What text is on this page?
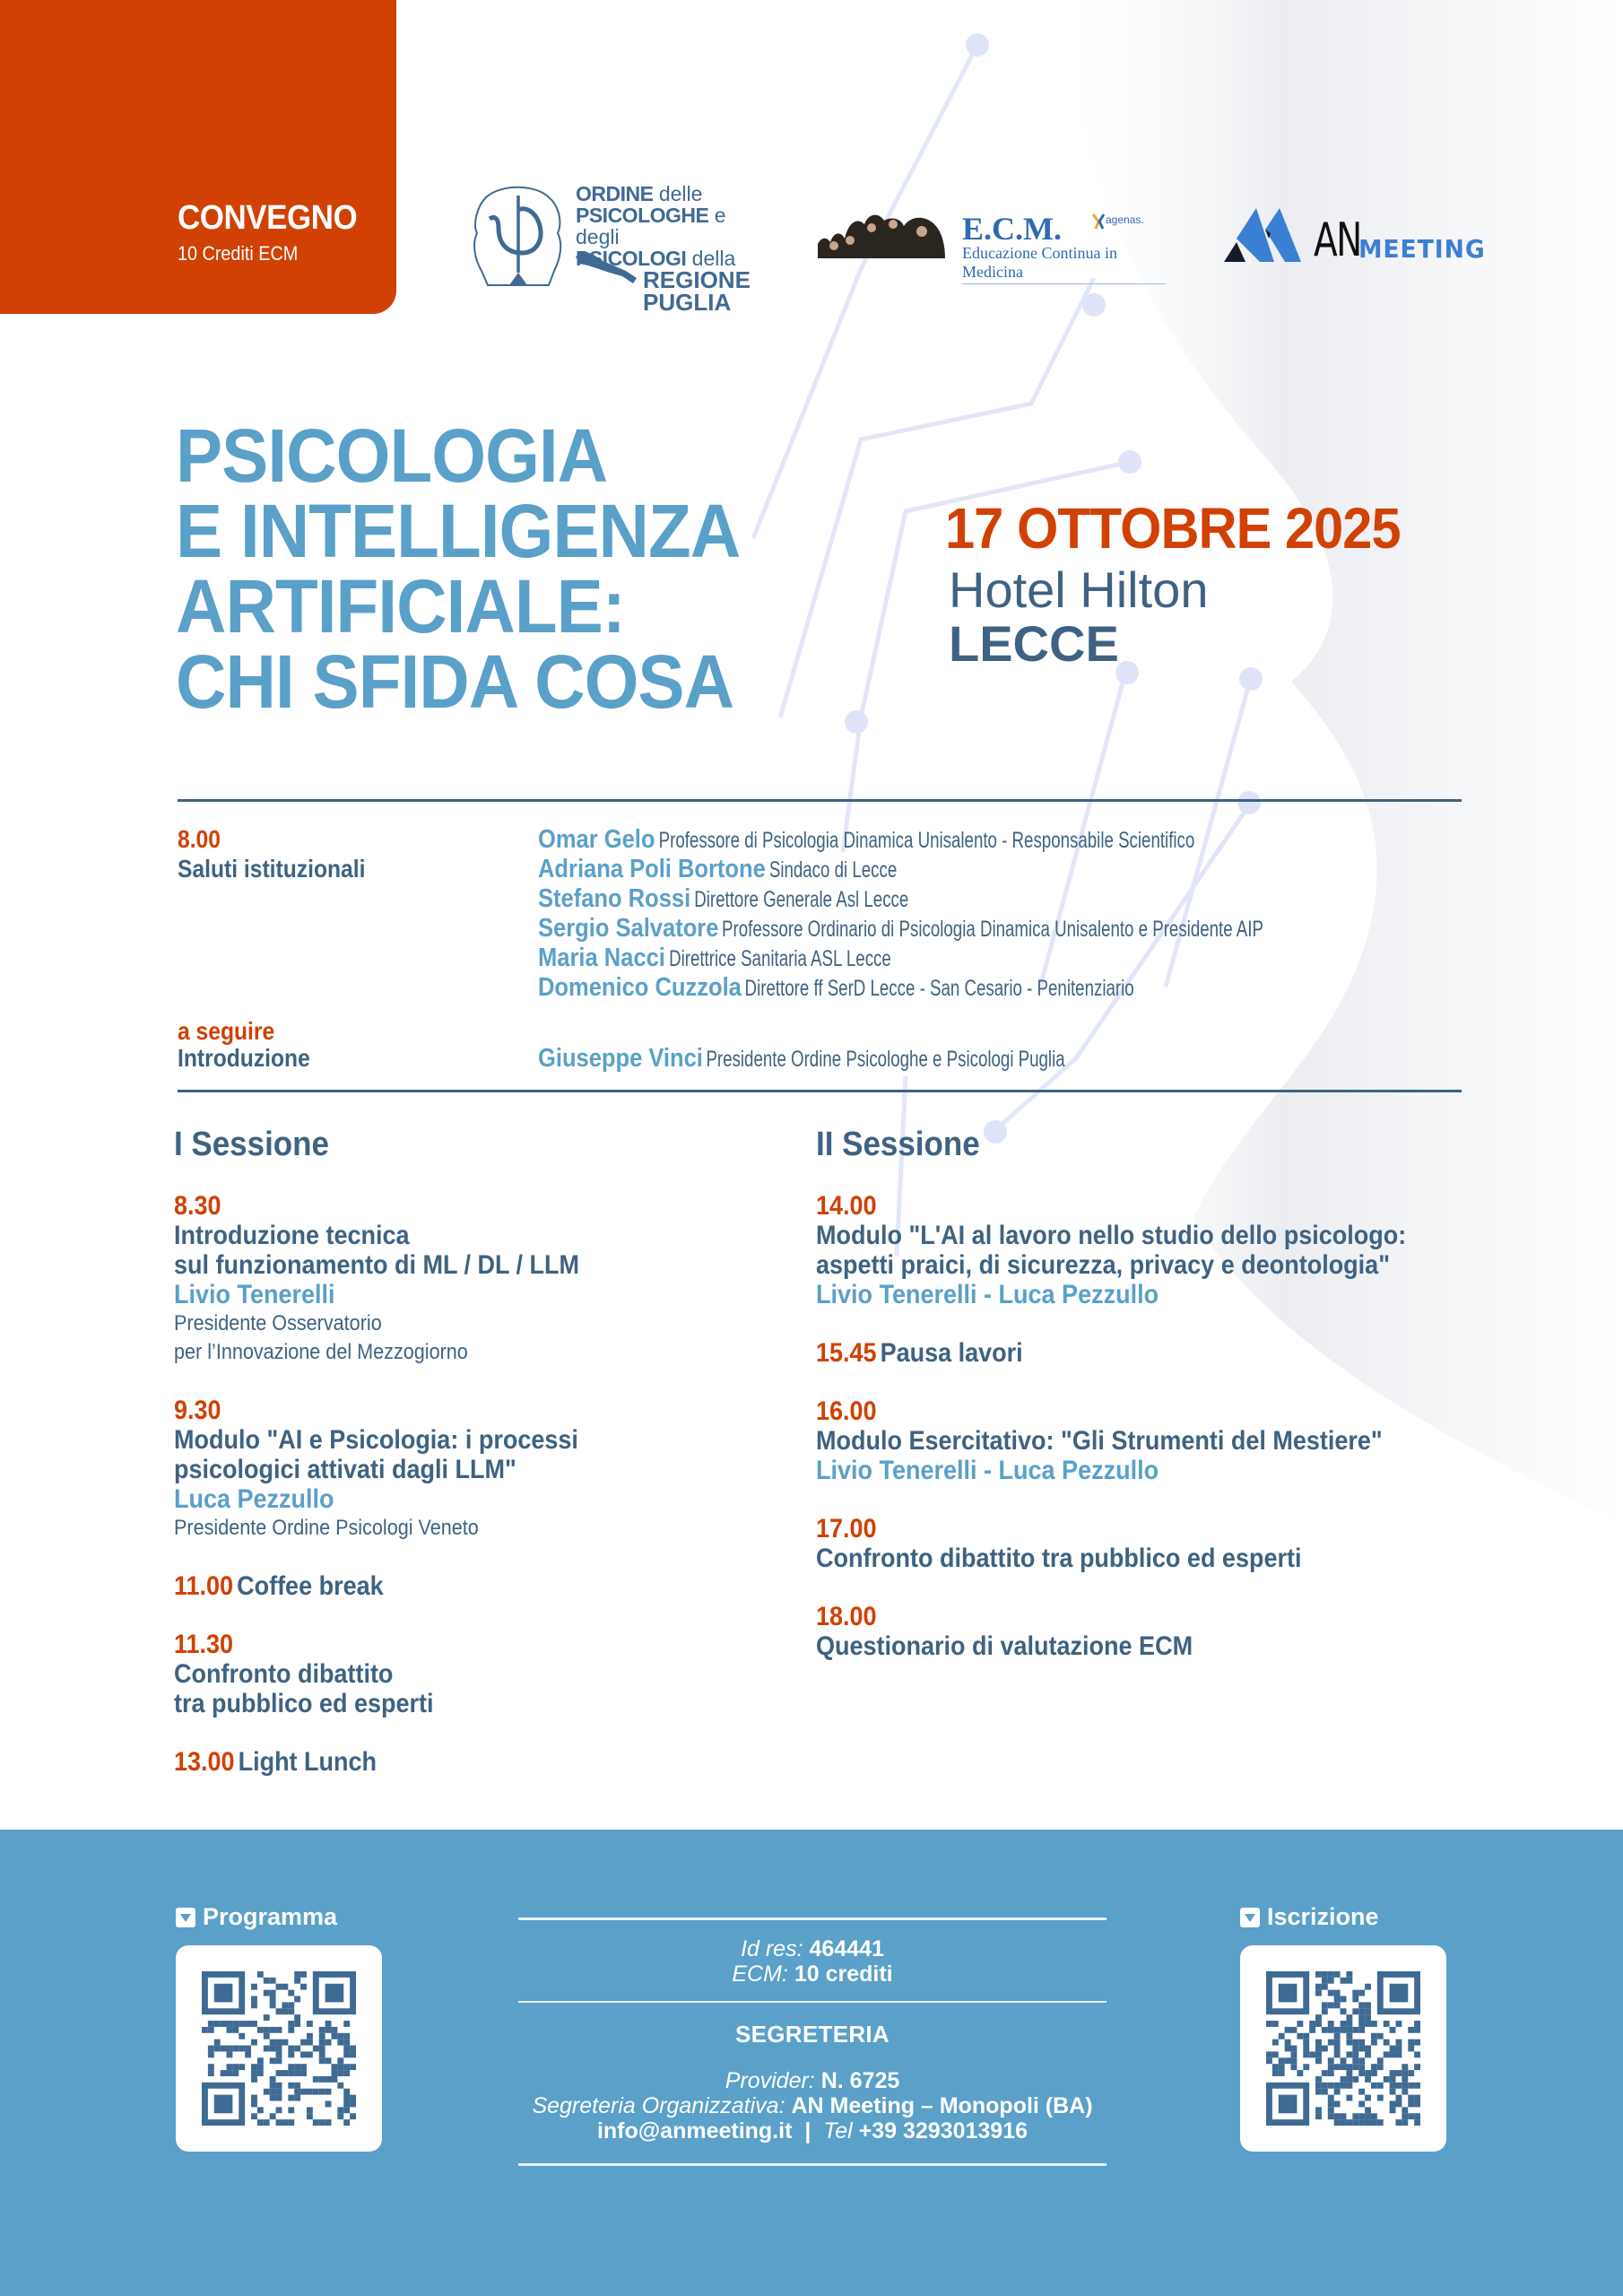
CONVEGNO
10 Crediti ECM
ORDINE delle
PSICOLOGHE e degli
PSICOLOGI della
REGIONE
PUGLIA
E.C.M.
Educazione Continua in Medicina
agenas.	AN
MEETING
PSICOLOGIA
E INTELLIGENZA
ARTIFICIALE:
CHI SFIDA COSA
17 OTTOBRE 2025
Hotel Hilton
LECCE
8.00
Saluti istituzionali
Omar Gelo Professore di Psicologia Dinamica Unisalento - Responsabile Scientifico
Adriana Poli Bortone Sindaco di Lecce
Stefano Rossi Direttore Generale Asl Lecce
Sergio Salvatore Professore Ordinario di Psicologia Dinamica Unisalento e Presidente AIP
Maria Nacci Direttrice Sanitaria ASL Lecce
Domenico Cuzzola Direttore ff SerD Lecce - San Cesario - Penitenziario
a seguire
Introduzione	Giuseppe Vinci Presidente Ordine Psicologhe e Psicologi Puglia
I Sessione
8.30
Introduzione tecnica
sul funzionamento di ML / DL / LLM
Livio Tenerelli
Presidente Osservatorio
per l’Innovazione del Mezzogiorno
9.30
Modulo "AI e Psicologia: i processi
psicologici attivati dagli LLM"
Luca Pezzullo
Presidente Ordine Psicologi Veneto
11.00 Coffee break
11.30
Confronto dibattito
tra pubblico ed esperti
13.00 Light Lunch
II Sessione
14.00
Modulo "L'AI al lavoro nello studio dello psicologo:
aspetti praici, di sicurezza, privacy e deontologia"
Livio Tenerelli - Luca Pezzullo
15.45 Pausa lavori
16.00
Modulo Esercitativo: "Gli Strumenti del Mestiere"
Livio Tenerelli - Luca Pezzullo
17.00
Confronto dibattito tra pubblico ed esperti
18.00
Questionario di valutazione ECM
Programma
Id res: 464441
ECM: 10 crediti
SEGRETERIA
Provider: N. 6725
Segreteria Organizzativa: AN Meeting – Monopoli (BA)
info@anmeeting.it | Tel +39 3293013916
Iscrizione
